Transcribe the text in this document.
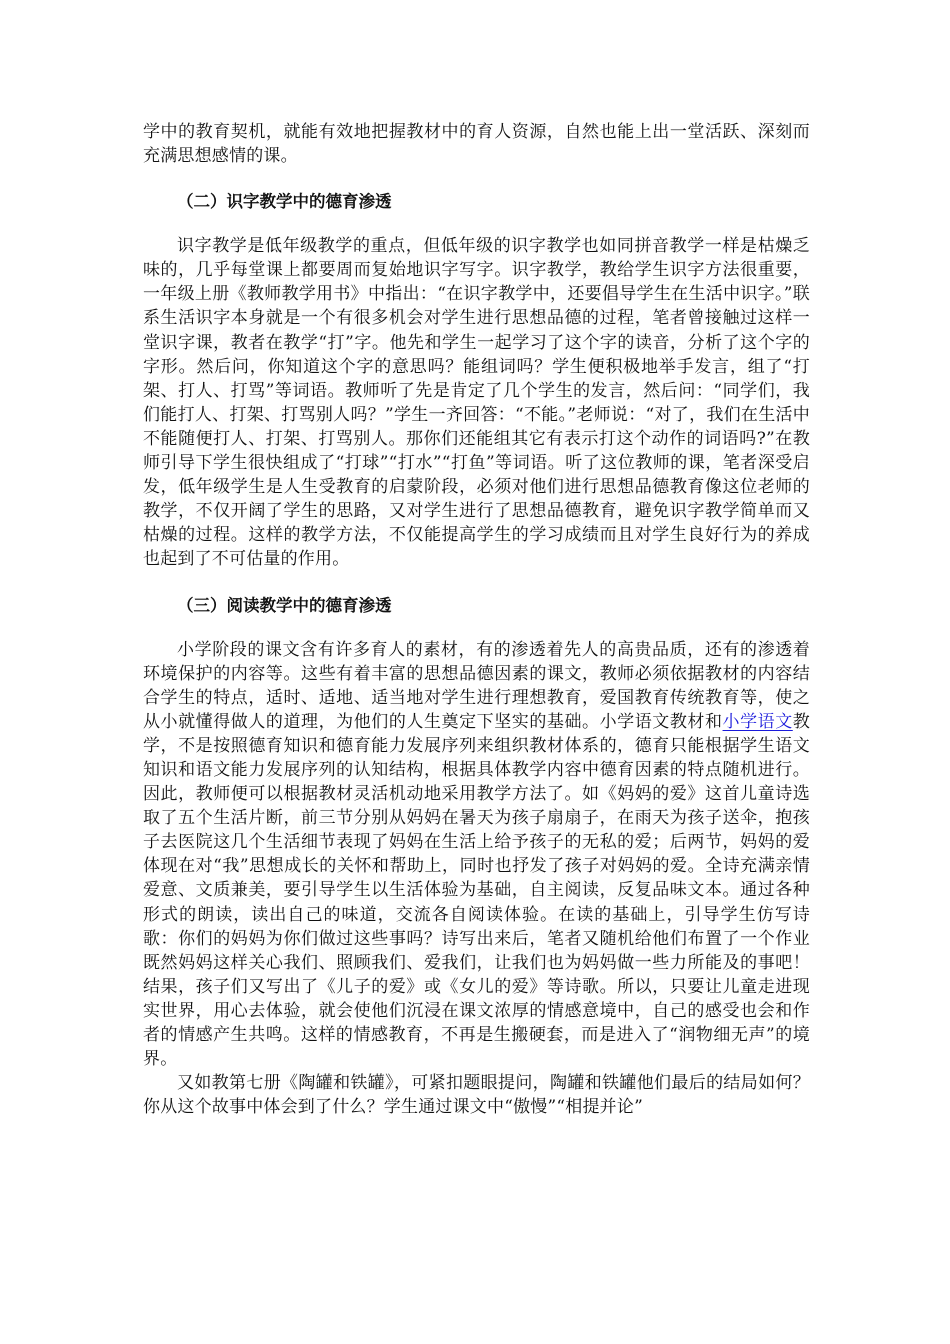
学中的教育契机，就能有效地把握教材中的育人资源，自然也能上出一堂活跃、深刻而充满思想感情的课。

（二）识字教学中的德育渗透

识字教学是低年级教学的重点，但低年级的识字教学也如同拼音教学一样是枯燥乏味的，几乎每堂课上都要周而复始地识字写字。识字教学，教给学生识字方法很重要，一年级上册《教师教学用书》中指出：“在识字教学中，还要倡导学生在生活中识字。”联系生活识字本身就是一个有很多机会对学生进行思想品德的过程，笔者曾接触过这样一堂识字课，教者在教学“打”字。他先和学生一起学习了这个字的读音，分析了这个字的字形。然后问，你知道这个字的意思吗？能组词吗？学生便积极地举手发言，组了“打架、打人、打骂”等词语。教师听了先是肯定了几个学生的发言，然后问：“同学们，我们能打人、打架、打骂别人吗？”学生一齐回答：“不能。”老师说：“对了，我们在生活中不能随便打人、打架、打骂别人。那你们还能组其它有表示打这个动作的词语吗?”在教师引导下学生很快组成了“打球”“打水”“打鱼”等词语。听了这位教师的课，笔者深受启发，低年级学生是人生受教育的启蒙阶段，必须对他们进行思想品德教育像这位老师的教学，不仅开阔了学生的思路，又对学生进行了思想品德教育，避免识字教学简单而又枯燥的过程。这样的教学方法，不仅能提高学生的学习成绩而且对学生良好行为的养成也起到了不可估量的作用。

（三）阅读教学中的德育渗透

小学阶段的课文含有许多育人的素材，有的渗透着先人的高贵品质，还有的渗透着环境保护的内容等。这些有着丰富的思想品德因素的课文，教师必须依据教材的内容结合学生的特点，适时、适地、适当地对学生进行理想教育，爱国教育传统教育等，使之从小就懂得做人的道理，为他们的人生奠定下坚实的基础。小学语文教材和小学语文教学，不是按照德育知识和德育能力发展序列来组织教材体系的，德育只能根据学生语文知识和语文能力发展序列的认知结构，根据具体教学内容中德育因素的特点随机进行。因此，教师便可以根据教材灵活机动地采用教学方法了。如《妈妈的爱》这首儿童诗选取了五个生活片断，前三节分别从妈妈在暑天为孩子扇扇子，在雨天为孩子送伞，抱孩子去医院这几个生活细节表现了妈妈在生活上给予孩子的无私的爱；后两节，妈妈的爱体现在对“我”思想成长的关怀和帮助上，同时也抒发了孩子对妈妈的爱。全诗充满亲情爱意、文质兼美，要引导学生以生活体验为基础，自主阅读，反复品味文本。通过各种形式的朗读，读出自己的味道，交流各自阅读体验。在读的基础上，引导学生仿写诗歌：你们的妈妈为你们做过这些事吗？诗写出来后，笔者又随机给他们布置了一个作业既然妈妈这样关心我们、照顾我们、爱我们，让我们也为妈妈做一些力所能及的事吧！结果，孩子们又写出了《儿子的爱》或《女儿的爱》等诗歌。所以，只要让儿童走进现实世界，用心去体验，就会使他们沉浸在课文浓厚的情感意境中，自己的感受也会和作者的情感产生共鸣。这样的情感教育，不再是生搬硬套，而是进入了“润物细无声”的境界。

又如教第七册《陶罐和铁罐》，可紧扣题眼提问，陶罐和铁罐他们最后的结局如何？你从这个故事中体会到了什么？学生通过课文中“傲慢”“相提并论”
